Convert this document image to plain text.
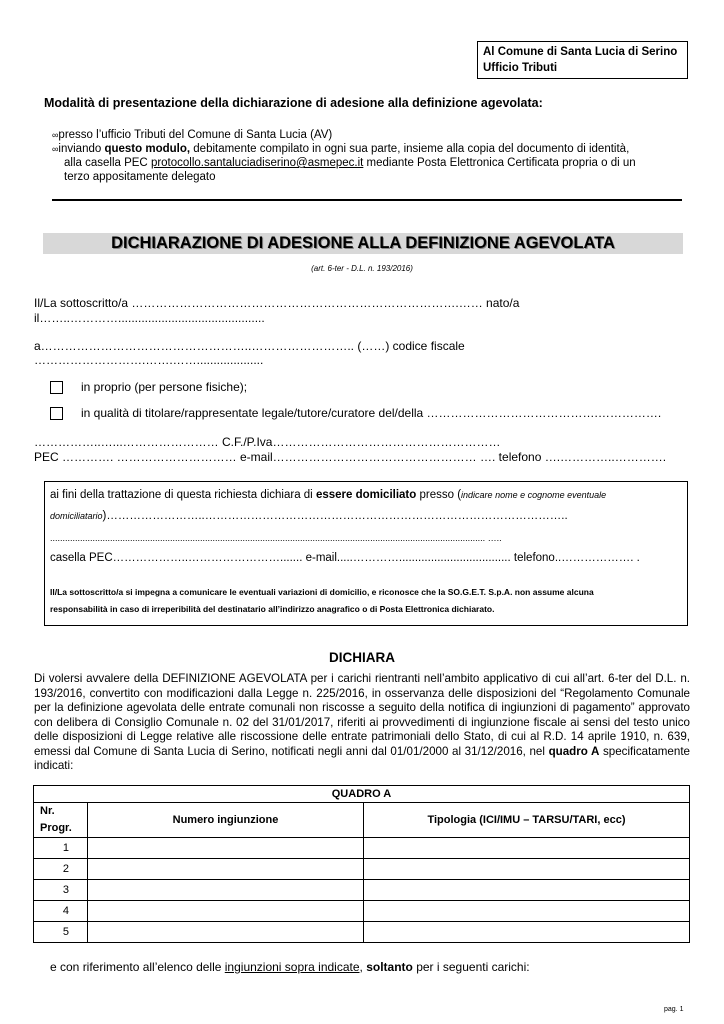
Al Comune di Santa Lucia di Serino
Ufficio Tributi
Modalità di presentazione della dichiarazione di adesione alla definizione agevolata:
∞presso l’ufficio Tributi del Comune di Santa Lucia (AV)
∞inviando questo modulo, debitamente compilato in ogni sua parte, insieme alla copia del documento di identità,
alla casella PEC protocollo.santaluciadiserino@asmepec.it mediante Posta Elettronica Certificata propria o di un
terzo appositamente delegato
DICHIARAZIONE DI ADESIONE ALLA DEFINIZIONE AGEVOLATA
(art. 6-ter - D.L. n. 193/2016)
Il/La sottoscritto/a ……………………………………………………………………….…… nato/a
il……..…………............................................
a……………………………………………..…………………….. (……) codice fiscale
……………………….…….……....................
in proprio (per persone fisiche);
in qualità di titolare/rappresentate legale/tutore/curatore del/della …………………………………….…………….
……………..…...…………………… C.F./P.Iva…………………………………………………
PEC …………. ………………………… e-mail…………………………………………… …. telefono ….…………..………….
ai fini della trattazione di questa richiesta dichiara di essere domiciliato presso (indicare nome e cognome eventuale
domiciliatario)……………………..…………………………………………………………………………………..
.............................................................................................................................................................................. …..
casella PEC………………..……………………....... e-mail.....…………................................... telefono..………………. .
Il/La sottoscritto/a si impegna a comunicare le eventuali variazioni di domicilio, e riconosce che la SO.G.E.T. S.p.A. non assume alcuna
responsabilità in caso di irreperibilità del destinatario all’indirizzo anagrafico o di Posta Elettronica dichiarato.
DICHIARA
Di volersi avvalere della DEFINIZIONE AGEVOLATA per i carichi rientranti nell’ambito applicativo di cui all’art. 6-ter del D.L. n. 193/2016, convertito con modificazioni dalla Legge n. 225/2016, in osservanza delle disposizioni del “Regolamento Comunale per la definizione agevolata delle entrate comunali non riscosse a seguito della notifica di ingiunzioni di pagamento” approvato con delibera di Consiglio Comunale n. 02 del 31/01/2017, riferiti ai provvedimenti di ingiunzione fiscale ai sensi del testo unico delle disposizioni di Legge relative alle riscossione delle entrate patrimoniali dello Stato, di cui al R.D. 14 aprile 1910, n. 639, emessi dal Comune di Santa Lucia di Serino, notificati negli anni dal 01/01/2000 al 31/12/2016, nel quadro A specificatamente indicati:
QUADRO A		

Nr.
Progr.	Numero ingiunzione	Tipologia (ICI/IMU – TARSU/TARI, ecc)
1		
2		
3		
4		
5		
e con riferimento all’elenco delle ingiunzioni sopra indicate, soltanto per i seguenti carichi:
pag. 1
